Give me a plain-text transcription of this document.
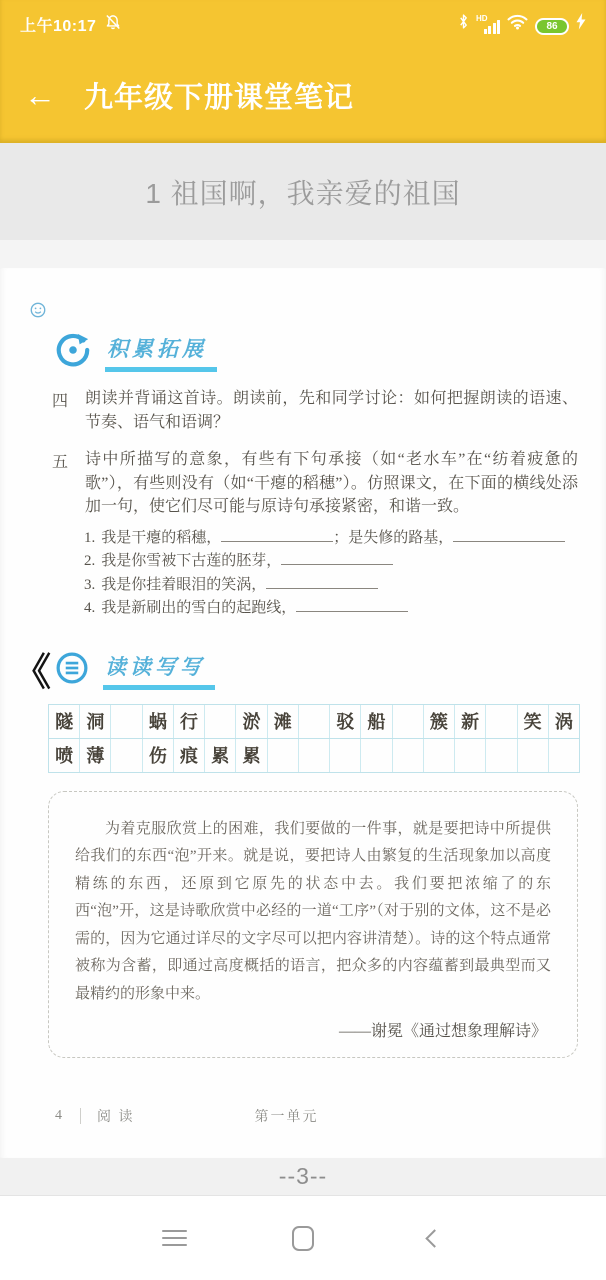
上午10:17	HD
86
← 九年级下册课堂笔记
1 祖国啊，我亲爱的祖国
积累拓展
四	朗读并背诵这首诗。朗读前，先和同学讨论：如何把握朗读的语速、节奏、语气和语调？
五	诗中所描写的意象，有些有下句承接（如“老水车”在“纺着疲惫的歌”），有些则没有（如“干瘪的稻穗”）。仿照课文，在下面的横线处添加一句，使它们尽可能与原诗句承接紧密，和谐一致。
1. 我是干瘪的稻穗，	；是失修的路基，
2. 我是你雪被下古莲的胚芽，
3. 我是你挂着眼泪的笑涡，
4. 我是新刷出的雪白的起跑线，
《	读读写写
隧 洞	蜗 行	淤 滩	驳 船	簇 新	笑 涡
喷 薄	伤 痕 累 累
为着克服欣赏上的困难，我们要做的一件事，就是要把诗中所提供给我们的东西“泡”开来。就是说，要把诗人由繁复的生活现象加以高度精练的东西，还原到它原先的状态中去。我们要把浓缩了的东西“泡”开，这是诗歌欣赏中必经的一道“工序”（对于别的文体，这不是必需的，因为它通过详尽的文字尽可以把内容讲清楚）。诗的这个特点通常被称为含蓄，即通过高度概括的语言，把众多的内容蕴蓄到最典型而又最精约的形象中来。
——谢冕《通过想象理解诗》
4 阅 读	第一单元
--3--
